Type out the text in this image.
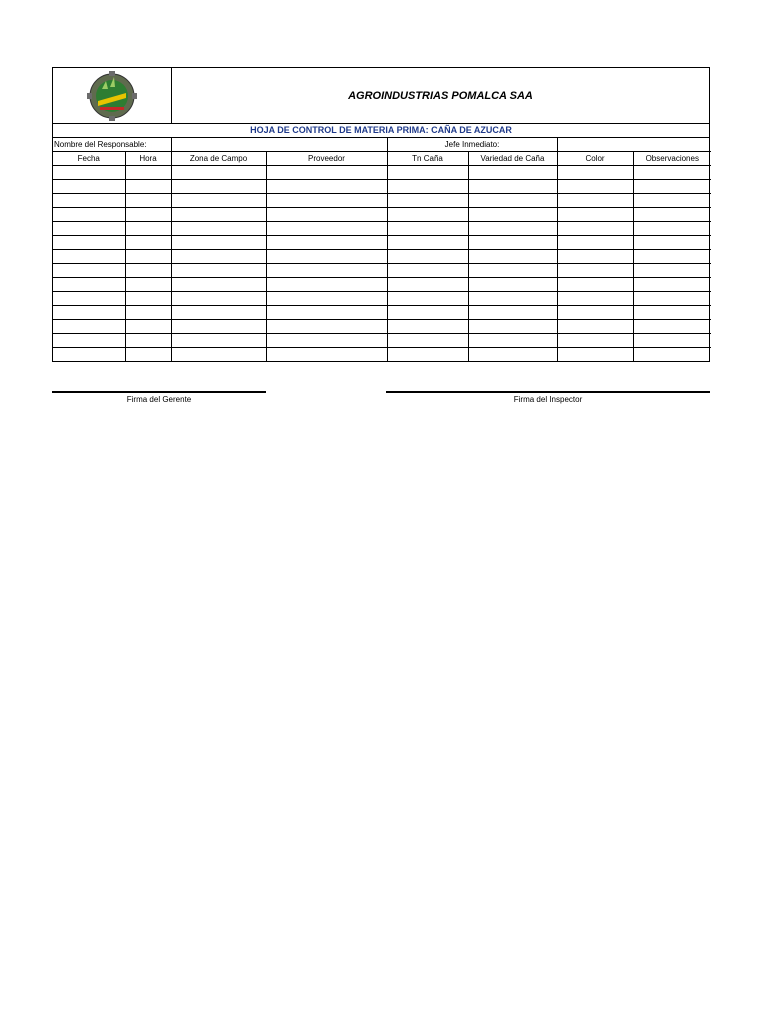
AGROINDUSTRIAS POMALCA SAA
HOJA DE CONTROL DE MATERIA PRIMA: CAÑA DE AZUCAR
Nombre del Responsable:				Jefe Inmediato:			
Fecha	Hora	Zona de Campo	Proveedor	Tn Caña	Variedad de Caña	Color	Observaciones

Firma del Gerente	Firma del Inspector
